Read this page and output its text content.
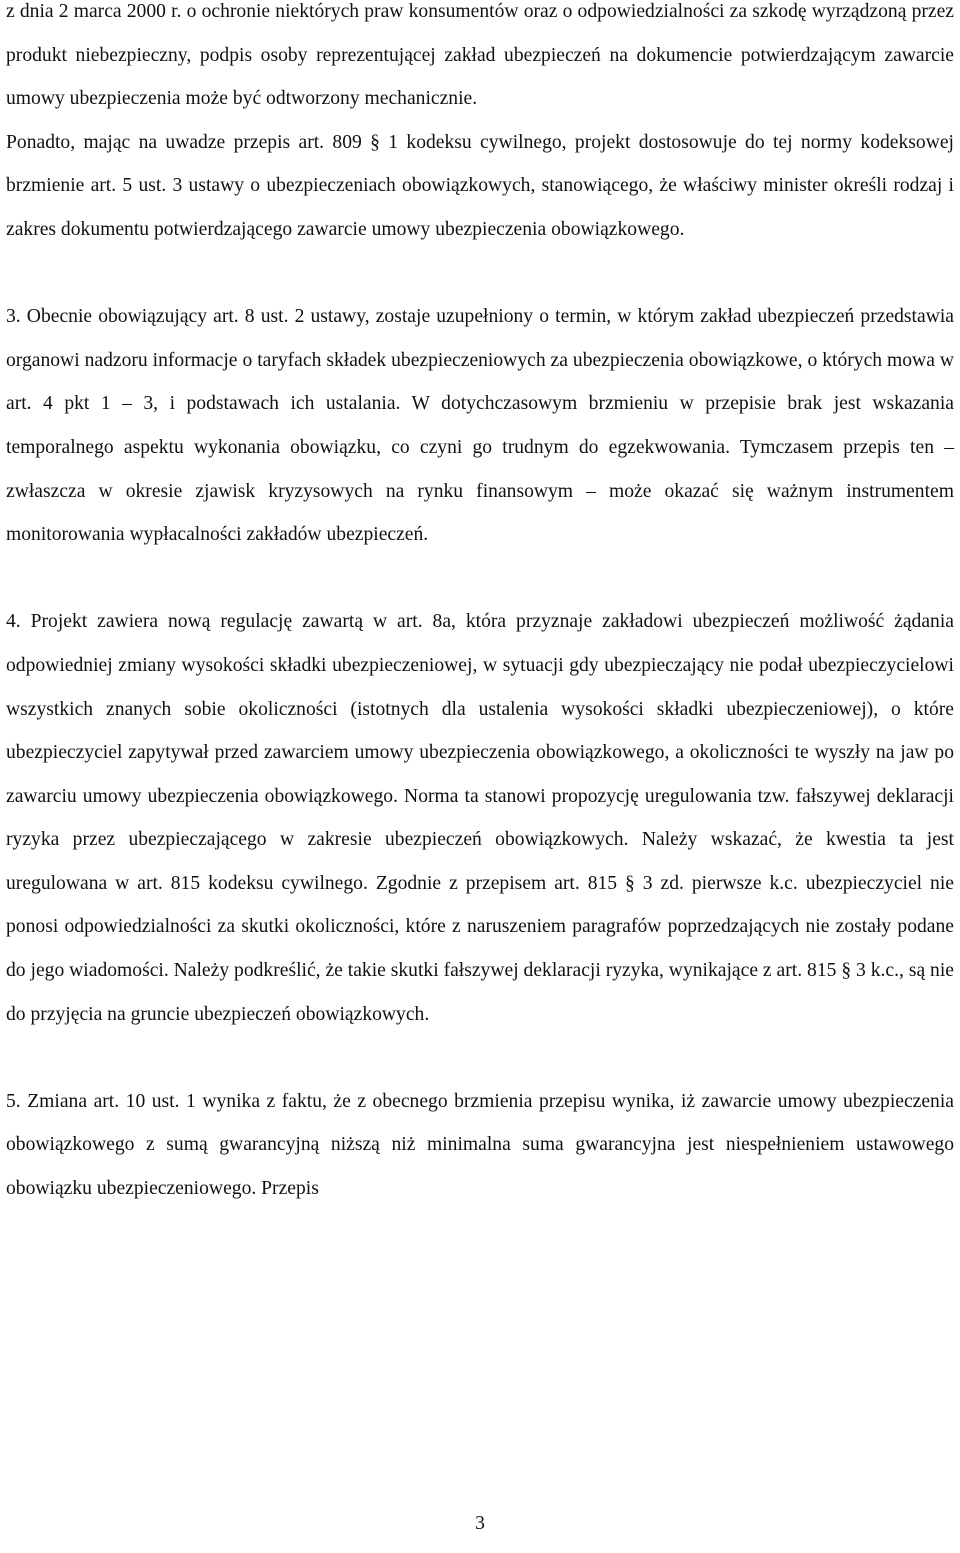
z dnia 2 marca 2000 r. o ochronie niektórych praw konsumentów oraz o odpowiedzialności za szkodę wyrządzoną przez produkt niebezpieczny, podpis osoby reprezentującej zakład ubezpieczeń na dokumencie potwierdzającym zawarcie umowy ubezpieczenia może być odtworzony mechanicznie.

Ponadto, mając na uwadze przepis art. 809 § 1 kodeksu cywilnego, projekt dostosowuje do tej normy kodeksowej brzmienie art. 5 ust. 3 ustawy o ubezpieczeniach obowiązkowych, stanowiącego, że właściwy minister określi rodzaj i zakres dokumentu potwierdzającego zawarcie umowy ubezpieczenia obowiązkowego.

3. Obecnie obowiązujący art. 8 ust. 2 ustawy, zostaje uzupełniony o termin, w którym zakład ubezpieczeń przedstawia organowi nadzoru informacje o taryfach składek ubezpieczeniowych za ubezpieczenia obowiązkowe, o których mowa w art. 4 pkt 1 – 3, i podstawach ich ustalania. W dotychczasowym brzmieniu w przepisie brak jest wskazania temporalnego aspektu wykonania obowiązku, co czyni go trudnym do egzekwowania. Tymczasem przepis ten – zwłaszcza w okresie zjawisk kryzysowych na rynku finansowym – może okazać się ważnym instrumentem monitorowania wypłacalności zakładów ubezpieczeń.

4. Projekt zawiera nową regulację zawartą w art. 8a, która przyznaje zakładowi ubezpieczeń możliwość żądania odpowiedniej zmiany wysokości składki ubezpieczeniowej, w sytuacji gdy ubezpieczający nie podał ubezpieczycielowi wszystkich znanych sobie okoliczności (istotnych dla ustalenia wysokości składki ubezpieczeniowej), o które ubezpieczyciel zapytywał przed zawarciem umowy ubezpieczenia obowiązkowego, a okoliczności te wyszły na jaw po zawarciu umowy ubezpieczenia obowiązkowego. Norma ta stanowi propozycję uregulowania tzw. fałszywej deklaracji ryzyka przez ubezpieczającego w zakresie ubezpieczeń obowiązkowych. Należy wskazać, że kwestia ta jest uregulowana w art. 815 kodeksu cywilnego. Zgodnie z przepisem art. 815 § 3 zd. pierwsze k.c. ubezpieczyciel nie ponosi odpowiedzialności za skutki okoliczności, które z naruszeniem paragrafów poprzedzających nie zostały podane do jego wiadomości. Należy podkreślić, że takie skutki fałszywej deklaracji ryzyka, wynikające z art. 815 § 3 k.c., są nie do przyjęcia na gruncie ubezpieczeń obowiązkowych.

5. Zmiana art. 10 ust. 1 wynika z faktu, że z obecnego brzmienia przepisu wynika, iż zawarcie umowy ubezpieczenia obowiązkowego z sumą gwarancyjną niższą niż minimalna suma gwarancyjna jest niespełnieniem ustawowego obowiązku ubezpieczeniowego. Przepis

3
